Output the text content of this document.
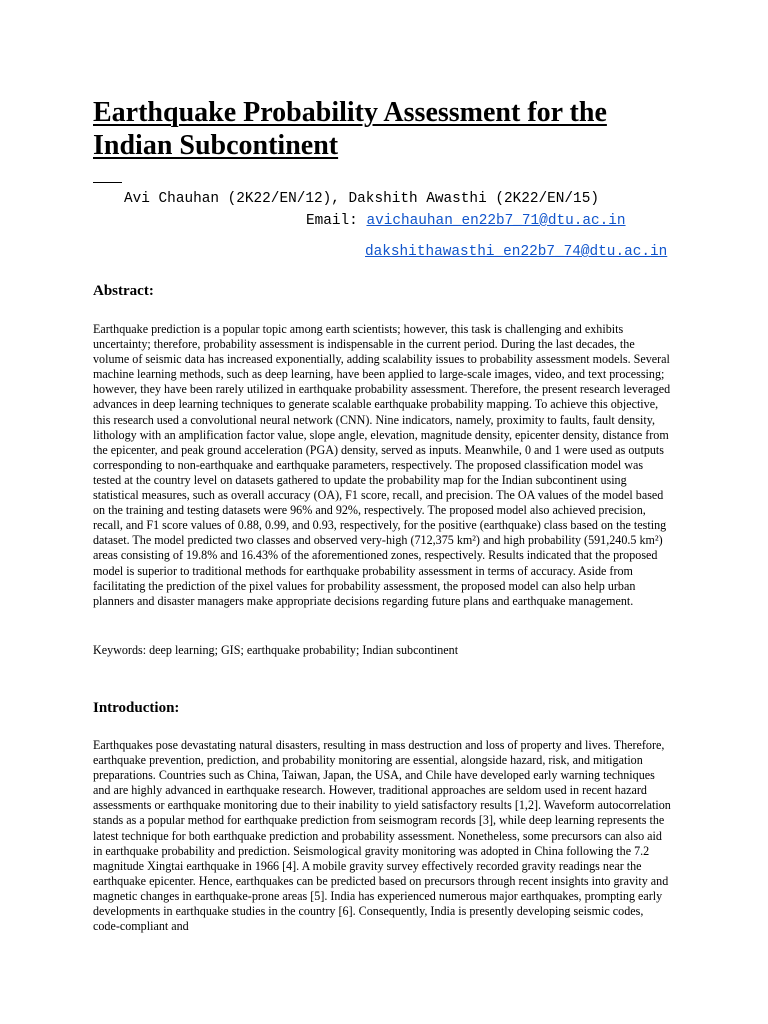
Earthquake Probability Assessment for the Indian Subcontinent
Avi Chauhan (2K22/EN/12), Dakshith Awasthi (2K22/EN/15)
Email: avichauhan_en22b7_71@dtu.ac.in
dakshithawasthi_en22b7_74@dtu.ac.in
Abstract:

Earthquake prediction is a popular topic among earth scientists; however, this task is challenging and exhibits uncertainty; therefore, probability assessment is indispensable in the current period. During the last decades, the volume of seismic data has increased exponentially, adding scalability issues to probability assessment models. Several machine learning methods, such as deep learning, have been applied to large-scale images, video, and text processing; however, they have been rarely utilized in earthquake probability assessment. Therefore, the present research leveraged advances in deep learning techniques to generate scalable earthquake probability mapping. To achieve this objective, this research used a convolutional neural network (CNN). Nine indicators, namely, proximity to faults, fault density, lithology with an amplification factor value, slope angle, elevation, magnitude density, epicenter density, distance from the epicenter, and peak ground acceleration (PGA) density, served as inputs. Meanwhile, 0 and 1 were used as outputs corresponding to non-earthquake and earthquake parameters, respectively. The proposed classification model was tested at the country level on datasets gathered to update the probability map for the Indian subcontinent using statistical measures, such as overall accuracy (OA), F1 score, recall, and precision. The OA values of the model based on the training and testing datasets were 96% and 92%, respectively. The proposed model also achieved precision, recall, and F1 score values of 0.88, 0.99, and 0.93, respectively, for the positive (earthquake) class based on the testing dataset. The model predicted two classes and observed very-high (712,375 km²) and high probability (591,240.5 km²) areas consisting of 19.8% and 16.43% of the aforementioned zones, respectively. Results indicated that the proposed model is superior to traditional methods for earthquake probability assessment in terms of accuracy. Aside from facilitating the prediction of the pixel values for probability assessment, the proposed model can also help urban planners and disaster managers make appropriate decisions regarding future plans and earthquake management.

Keywords: deep learning; GIS; earthquake probability; Indian subcontinent

Introduction:

Earthquakes pose devastating natural disasters, resulting in mass destruction and loss of property and lives. Therefore, earthquake prevention, prediction, and probability monitoring are essential, alongside hazard, risk, and mitigation preparations. Countries such as China, Taiwan, Japan, the USA, and Chile have developed early warning techniques and are highly advanced in earthquake research. However, traditional approaches are seldom used in recent hazard assessments or earthquake monitoring due to their inability to yield satisfactory results [1,2]. Waveform autocorrelation stands as a popular method for earthquake prediction from seismogram records [3], while deep learning represents the latest technique for both earthquake prediction and probability assessment. Nonetheless, some precursors can also aid in earthquake probability and prediction. Seismological gravity monitoring was adopted in China following the 7.2 magnitude Xingtai earthquake in 1966 [4]. A mobile gravity survey effectively recorded gravity readings near the earthquake epicenter. Hence, earthquakes can be predicted based on precursors through recent insights into gravity and magnetic changes in earthquake-prone areas [5]. India has experienced numerous major earthquakes, prompting early developments in earthquake studies in the country [6]. Consequently, India is presently developing seismic codes, code-compliant and
